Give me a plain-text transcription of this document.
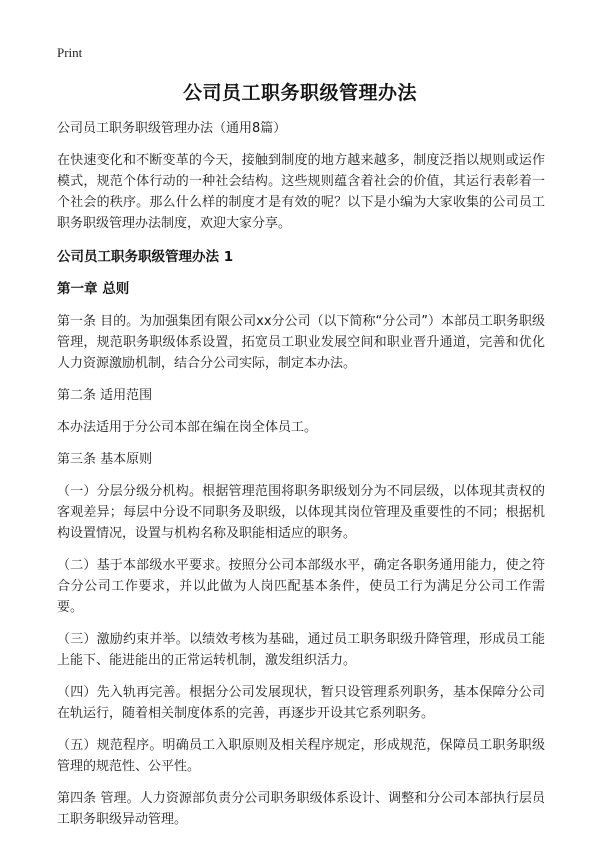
Print
公司员工职务职级管理办法

公司员工职务职级管理办法（通用8篇）

在快速变化和不断变革的今天，接触到制度的地方越来越多，制度泛指以规则或运作模式，规范个体行动的一种社会结构。这些规则蕴含着社会的价值，其运行表彰着一个社会的秩序。那么什么样的制度才是有效的呢？以下是小编为大家收集的公司员工职务职级管理办法制度，欢迎大家分享。

公司员工职务职级管理办法 1
第一章 总则

第一条 目的。为加强集团有限公司xx分公司（以下简称“分公司”）本部员工职务职级管理，规范职务职级体系设置，拓宽员工职业发展空间和职业晋升通道，完善和优化人力资源激励机制，结合分公司实际，制定本办法。

第二条 适用范围

本办法适用于分公司本部在编在岗全体员工。

第三条 基本原则

（一）分层分级分机构。根据管理范围将职务职级划分为不同层级，以体现其责权的客观差异；每层中分设不同职务及职级，以体现其岗位管理及重要性的不同；根据机构设置情况，设置与机构名称及职能相适应的职务。

（二）基于本部级水平要求。按照分公司本部级水平，确定各职务通用能力，使之符合分公司工作要求，并以此做为人岗匹配基本条件，使员工行为满足分公司工作需要。

（三）激励约束并举。以绩效考核为基础，通过员工职务职级升降管理，形成员工能上能下、能进能出的正常运转机制，激发组织活力。

（四）先入轨再完善。根据分公司发展现状，暂只设管理系列职务，基本保障分公司在轨运行，随着相关制度体系的完善，再逐步开设其它系列职务。

（五）规范程序。明确员工入职原则及相关程序规定，形成规范，保障员工职务职级管理的规范性、公平性。

第四条 管理。人力资源部负责分公司职务职级体系设计、调整和分公司本部执行层员工职务职级异动管理。
